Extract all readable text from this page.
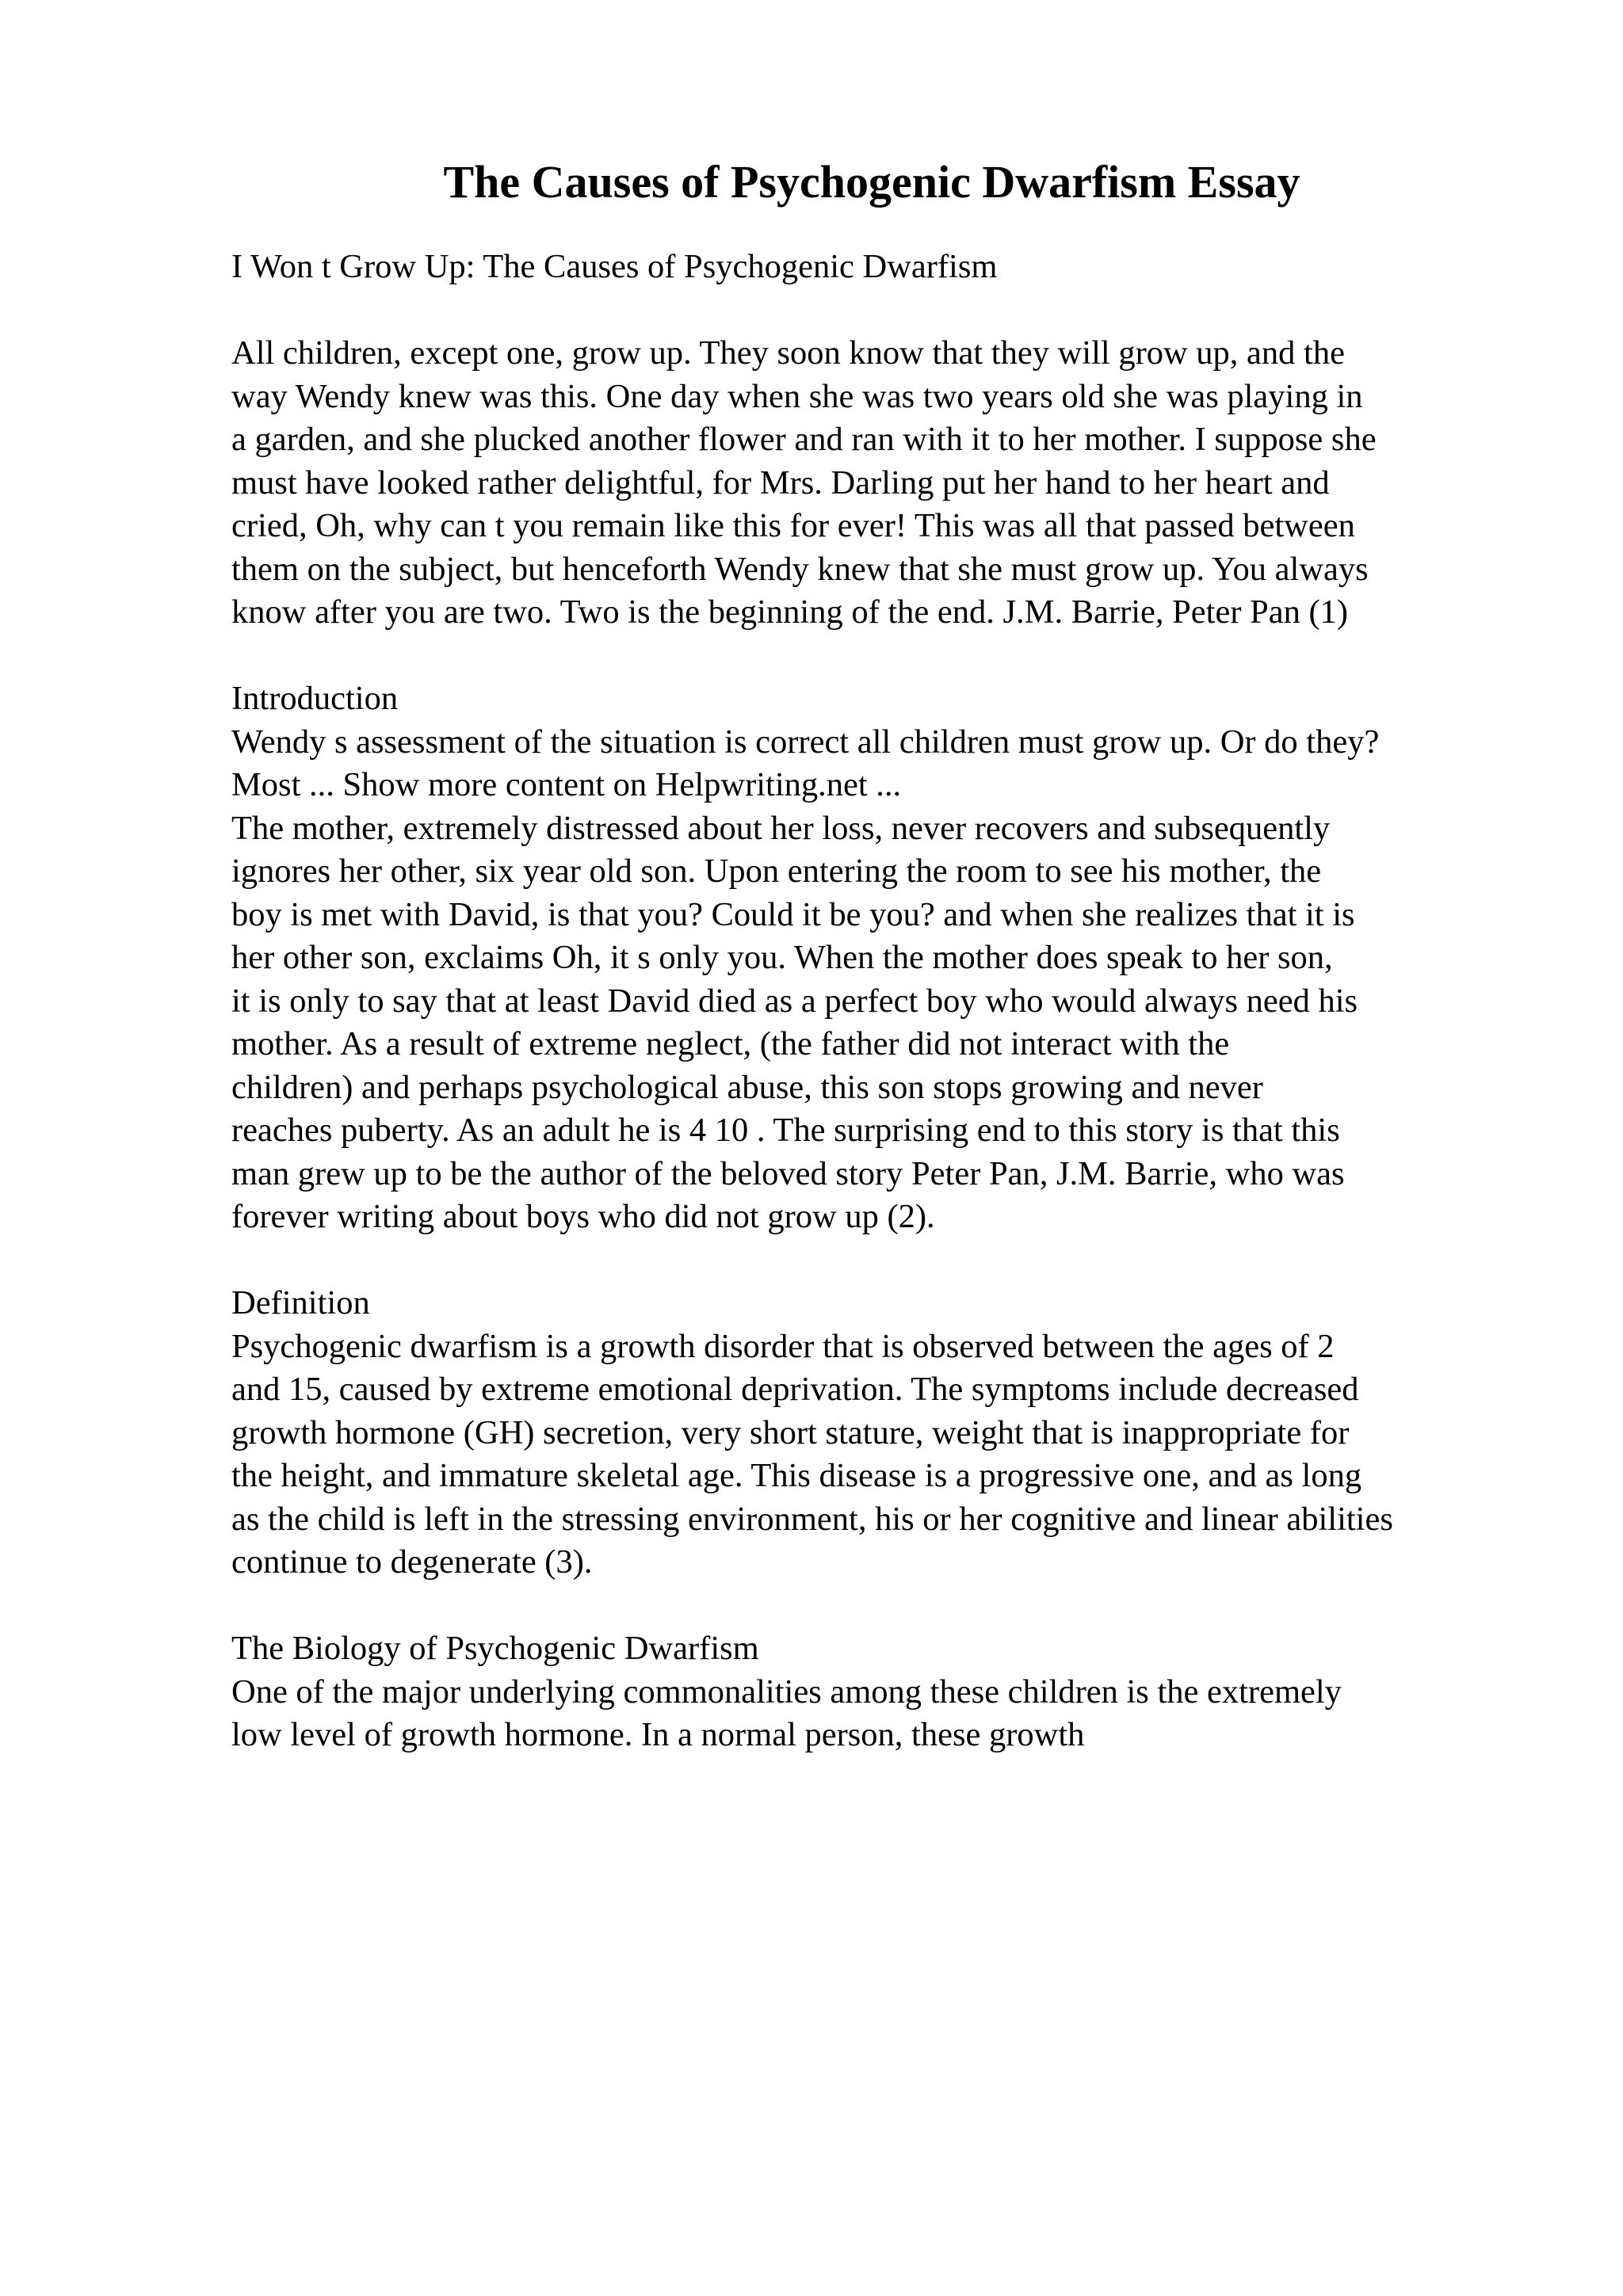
The Causes of Psychogenic Dwarfism Essay

I Won t Grow Up: The Causes of Psychogenic Dwarfism

All children, except one, grow up. They soon know that they will grow up, and the
way Wendy knew was this. One day when she was two years old she was playing in
a garden, and she plucked another flower and ran with it to her mother. I suppose she
must have looked rather delightful, for Mrs. Darling put her hand to her heart and
cried, Oh, why can t you remain like this for ever! This was all that passed between
them on the subject, but henceforth Wendy knew that she must grow up. You always
know after you are two. Two is the beginning of the end. J.M. Barrie, Peter Pan (1)

Introduction
Wendy s assessment of the situation is correct all children must grow up. Or do they?
Most ... Show more content on Helpwriting.net ...
The mother, extremely distressed about her loss, never recovers and subsequently
ignores her other, six year old son. Upon entering the room to see his mother, the
boy is met with David, is that you? Could it be you? and when she realizes that it is
her other son, exclaims Oh, it s only you. When the mother does speak to her son,
it is only to say that at least David died as a perfect boy who would always need his
mother. As a result of extreme neglect, (the father did not interact with the
children) and perhaps psychological abuse, this son stops growing and never
reaches puberty. As an adult he is 4 10 . The surprising end to this story is that this
man grew up to be the author of the beloved story Peter Pan, J.M. Barrie, who was
forever writing about boys who did not grow up (2).

Definition
Psychogenic dwarfism is a growth disorder that is observed between the ages of 2
and 15, caused by extreme emotional deprivation. The symptoms include decreased
growth hormone (GH) secretion, very short stature, weight that is inappropriate for
the height, and immature skeletal age. This disease is a progressive one, and as long
as the child is left in the stressing environment, his or her cognitive and linear abilities
continue to degenerate (3).

The Biology of Psychogenic Dwarfism
One of the major underlying commonalities among these children is the extremely
low level of growth hormone. In a normal person, these growth
